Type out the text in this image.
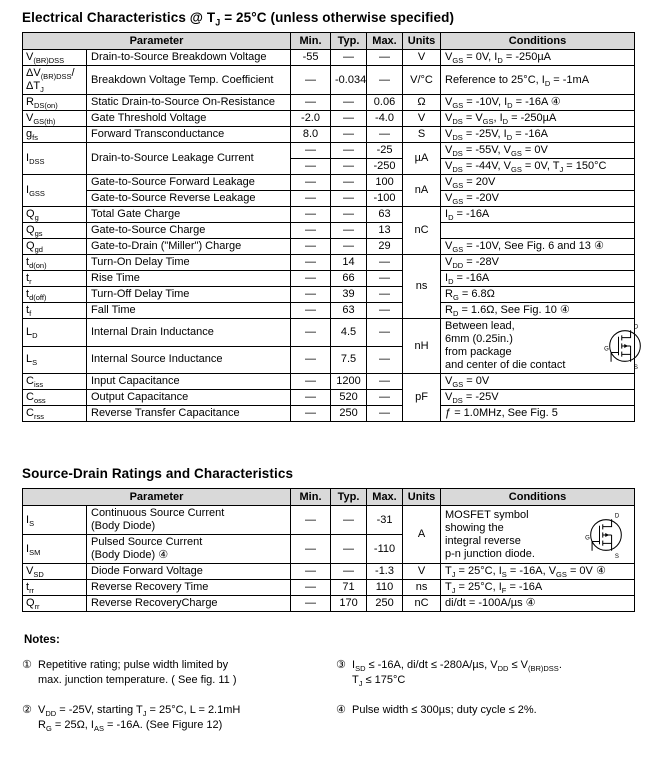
Electrical Characteristics @ $T_J = 25^\circ C$ (unless otherwise specified)
Parameter		Min.	Typ.	Max.	Units	Conditions
$V_{(BR)DSS}$	Drain-to-Source Breakdown Voltage	-55	—	—	V	$V_{GS} = 0V$, $I_D = -250\mu A$
$\Delta V_{(BR)DSS}/\Delta T_J$	Breakdown Voltage Temp. Coefficient	—	-0.034	—	V/°C	Reference to 25°C, $I_D = -1mA$
$R_{DS(on)}$	Static Drain-to-Source On-Resistance	—	—	0.06	Ω	$V_{GS} = -10V$, $I_D = -16A$ ④
$V_{GS(th)}$	Gate Threshold Voltage	-2.0	—	-4.0	V	$V_{DS} = V_{GS}$, $I_D = -250\mu A$
$g_{fs}$	Forward Transconductance	8.0	—	—	S	$V_{DS} = -25V$, $I_D = -16A$
$I_{DSS}$	Drain-to-Source Leakage Current	—	—	-25	µA	$V_{DS} = -55V$, $V_{GS} = 0V$
		—	—	-250		$V_{DS} = -44V$, $V_{GS} = 0V$, $T_J = 150^\circ C$
$I_{GSS}$	Gate-to-Source Forward Leakage	—	—	100	nA	$V_{GS} = 20V$
	Gate-to-Source Reverse Leakage	—	—	-100		$V_{GS} = -20V$
$Q_g$	Total Gate Charge	—	—	63	nC	$I_D = -16A$
$Q_{gs}$	Gate-to-Source Charge	—	—	13		
$Q_{gd}$	Gate-to-Drain ("Miller") Charge	—	—	29		$V_{GS} = -10V$, See Fig. 6 and 13 ④
$t_{d(on)}$	Turn-On Delay Time	—	14	—	ns	$V_{DD} = -28V$
$t_r$	Rise Time	—	66	—		$I_D = -16A$
$t_{d(off)}$	Turn-Off Delay Time	—	39	—		$R_G = 6.8\Omega$
$t_f$	Fall Time	—	63	—		$R_D = 1.6\Omega$, See Fig. 10 ④
$L_D$	Internal Drain Inductance	—	4.5	—	nH	Between lead,
6mm (0.25in.)
from package
and center of die contact
D
G
S

$L_S$	Internal Source Inductance	—	7.5	—		
$C_{iss}$	Input Capacitance	—	1200	—	pF	$V_{GS} = 0V$
$C_{oss}$	Output Capacitance	—	520	—		$V_{DS} = -25V$
$C_{rss}$	Reverse Transfer Capacitance	—	250	—		ƒ = 1.0MHz, See Fig. 5
Source-Drain Ratings and Characteristics
Parameter		Min.	Typ.	Max.	Units	Conditions
$I_S$	Continuous Source Current
(Body Diode)	—	—	-31	A	MOSFET symbol
showing the
integral reverse
p-n junction diode.
D
G
S

$I_{SM}$	Pulsed Source Current
(Body Diode) ④	—	—	-110		
$V_{SD}$	Diode Forward Voltage	—	—	-1.3	V	$T_J = 25^\circ C$, $I_S = -16A$, $V_{GS} = 0V$ ④
$t_{rr}$	Reverse Recovery Time	—	71	110	ns	$T_J = 25^\circ C$, $I_F = -16A$
$Q_{rr}$	Reverse RecoveryCharge	—	170	250	nC	di/dt = -100A/µs ④
Notes:
① Repetitive rating; pulse width limited by
max. junction temperature. ( See fig. 11 )
② $V_{DD} = -25V$, starting $T_J = 25^\circ C$, L = 2.1mH
$R_G = 25\Omega$, $I_{AS} = -16A$. (See Figure 12)
③ $I_{SD} \le -16A$, di/dt ≤ -280A/µs, $V_{DD} \le V_{(BR)DSS}$.
$T_J \le 175^\circ C$
④ Pulse width ≤ 300µs; duty cycle ≤ 2%.
